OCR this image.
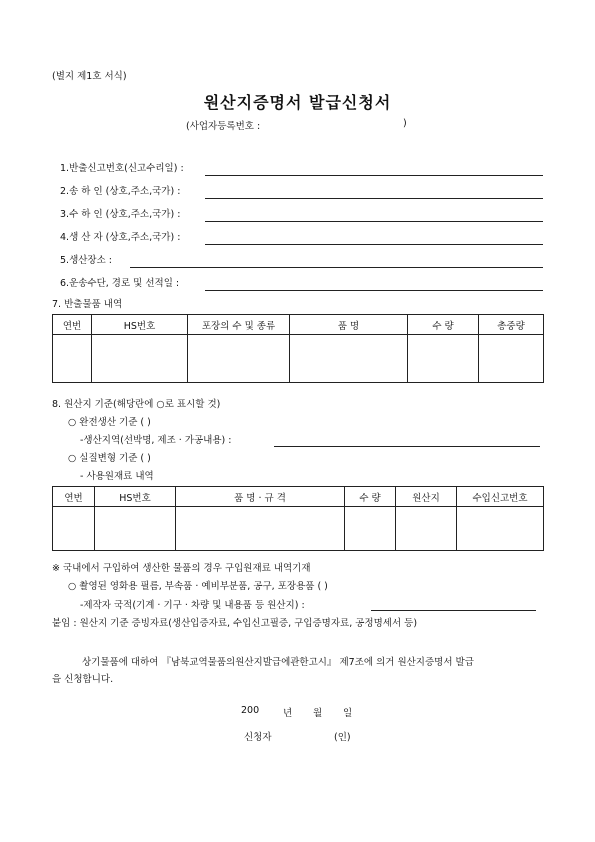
(별지 제1호 서식)
원산지증명서 발급신청서
(사업자등록번호 :	)
1.반출신고번호(신고수리일) :
2.송 하 인 (상호,주소,국가) :
3.수 하 인 (상호,주소,국가) :
4.생 산 자 (상호,주소,국가) :
5.생산장소 :
6.운송수단, 경로 및 선적일 :
7. 반출물품 내역
연번	HS번호	포장의 수 및 종류	품 명	수 량	총중량

8. 원산지 기준(해당란에 ○로 표시할 것)
○ 완전생산 기준 ( )
-생산지역(선박명, 제조 · 가공내용) :
○ 실질변형 기준 ( )
- 사용원재료 내역
연번	HS번호	품 명 · 규 격	수 량	원산지	수입신고번호

※ 국내에서 구입하여 생산한 물품의 경우 구입원재료 내역기재
○ 촬영된 영화용 필름, 부속품 · 예비부분품, 공구, 포장용품 ( )
-제작자 국적(기계 · 기구 · 차량 및 내용품 등 원산지) :
붙임 : 원산지 기준 증빙자료(생산입증자료, 수입신고필증, 구입증명자료, 공정명세서 등)
상기물품에 대하여 『남북교역물품의원산지발급에관한고시』 제7조에 의거 원산지증명서 발급
을 신청합니다.
200	년 월 일
신청자	(인)
